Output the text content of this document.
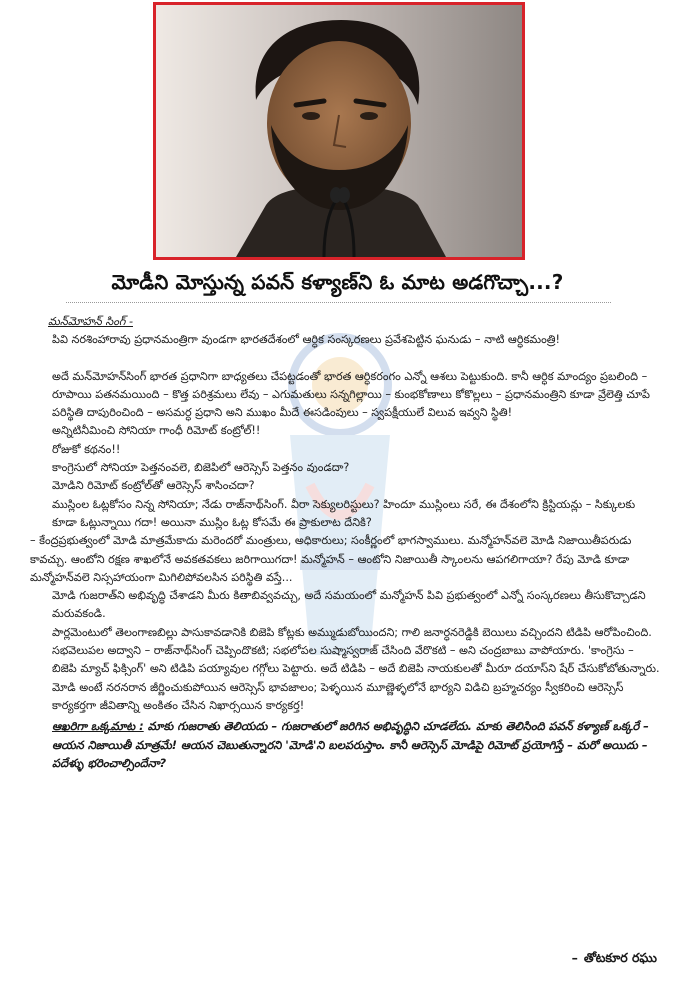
మోడీని మోస్తున్న పవన్ కళ్యాణ్‌ని ఓ మాట అడగొచ్చా...?

మన్‌మోహన్ సింగ్ -

పివి నరశింహారావు ప్రధానమంత్రిగా వుండగా భారతదేశంలో ఆర్ధిక సంస్కరణలు ప్రవేశపెట్టిన ఘనుడు – నాటి ఆర్ధికమంత్రి!

అదే మన్‌మోహన్‌సింగ్ భారత ప్రధానిగా బాధ్యతలు చేపట్టడంతో భారత ఆర్ధికరంగం ఎన్నో ఆశలు పెట్టుకుంది. కానీ ఆర్ధిక మాంద్యం ప్రబలింది – రూపాయి పతనమయింది – కొత్త పరిశ్రమలు లేవు – ఎగుమతులు సన్నగిల్లాయి – కుంభకోణాలు కోకొల్లలు – ప్రధానమంత్రిని కూడా వ్రేలెత్తి చూపే పరిస్థితి దాపురించింది – అసమర్ధ ప్రధాని అని ముఖం మీదే ఈసడింపులు – స్వపక్షీయులే విలువ ఇవ్వని స్థితి!

అన్నిటినీమించి సోనియా గాంధీ రిమోట్ కంట్రోల్!!

రోజుకో కథనం!!

కాంగ్రెసులో సోనియా పెత్తనంవలె, బిజెపిలో ఆరెస్సెస్ పెత్తనం వుండదా?

మోడిని రిమోట్ కంట్రోల్‌తో ఆరెస్సెస్ శాసించదా?

ముస్లింల ఓట్లకోసం నిన్న సోనియా; నేడు రాజ్‌నాథ్‌సింగ్. వీరా సెక్యులరిస్టులు? హిందూ ముస్లింలు సరే, ఈ దేశంలోని క్రిస్టియన్లు – సిక్కులకు కూడా ఓట్లున్నాయి గదా! అయినా ముస్లిం ఓట్ల కోసమే ఈ ప్రాకులాట దేనికి?

– కేంద్రప్రభుత్వంలో మోడి మాత్రమేకాదు మరెందరో మంత్రులు, అధికారులు; సంకీర్ణంలో భాగస్వాములు. మన్మోహన్‌వలె మోడి నిజాయితీపరుడు కావచ్చు. ఆంటోని రక్షణ శాఖలోనే అవకతవకలు జరిగాయిగదా! మన్మోహన్ – ఆంటోని నిజాయితీ స్కాంలను ఆపగలిగాయా? రేపు మోడి కూడా మన్మోహన్‌వలె నిస్సహాయంగా మిగిలిపోవలసిన పరిస్థితి వస్తే...

మోడి గుజరాత్‌ని అభివృద్ధి చేశాడని మీరు కితాబివ్వవచ్చు, అదే సమయంలో మన్మోహన్ పివి ప్రభుత్వంలో ఎన్నో సంస్కరణలు తీసుకొచ్చాడని మరువకండి.

పార్లమెంటులో తెలంగాణబిల్లు పాసుకావడానికి బిజెపి కోట్లకు అమ్ముడుబోయిందని; గాలి జనార్ధనరెడ్డికి బెయిలు వచ్చిందని టిడిపి ఆరోపించింది. సభవెలుపల అద్వాని – రాజ్‌నాథ్‌సింగ్ చెప్పిందొకటి; సభలోపల సుష్మాస్వరాజ్ చేసింది వేరొకటి – అని చంద్రబాబు వాపోయారు. 'కాంగ్రెసు – బిజెపి మ్యాచ్ ఫిక్సింగ్' అని టిడిపి పయ్యావుల గగ్గోలు పెట్టారు. అదే టిడిపి – అదే బిజెపి నాయకులతో మీరూ దయాస్‌ని షేర్ చేసుకోబోతున్నారు.

మోడి అంటే నరనరాన జీర్ణించుకుపోయిన ఆరెస్సెస్ భావజాలం; పెళ్ళయిన మూణ్ణెళ్ళలోనే భార్యని విడిచి బ్రహ్మచర్యం స్వీకరించి ఆరెస్సెస్ కార్యకర్తగా జీవితాన్ని అంకితం చేసిన నిఖార్సయిన కార్యకర్త!

ఆఖరిగా ఒక్కమాట : మాకు గుజరాతు తెలియదు – గుజరాతులో జరిగిన అభివృద్ధిని చూడలేదు. మాకు తెలిసింది పవన్ కళ్యాణ్ ఒక్కరే – ఆయన నిజాయితీ మాత్రమే! ఆయన చెబుతున్నారని 'మోడి'ని బలపరుస్తాం. కానీ ఆరెస్సెస్ మోడిపై రిమోట్ ప్రయోగిస్తే – మరో అయిదు – పదేళ్ళు భరించాల్సిందేనా?

– తోటకూర రఘు
